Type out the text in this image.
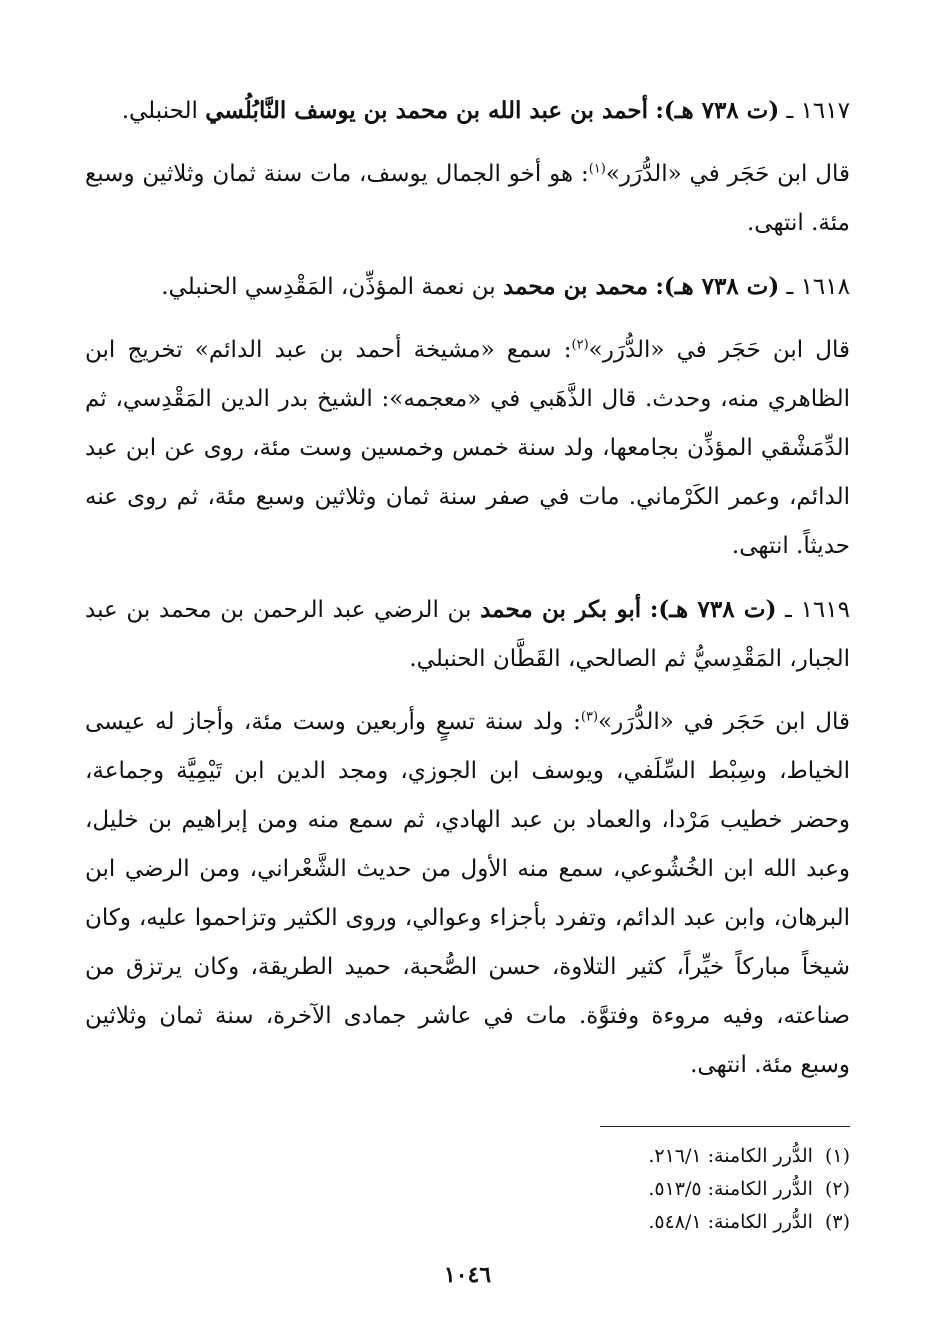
١٦١٧ ـ (ت ٧٣٨ هـ): أحمد بن عبد الله بن محمد بن يوسف النَّابُلُسي الحنبلي.

قال ابن حَجَر في «الدُّرَر»$^{(١)}$: هو أخو الجمال يوسف، مات سنة ثمان وثلاثين وسبع مئة. انتهى.

١٦١٨ ـ (ت ٧٣٨ هـ): محمد بن محمد بن نعمة المؤذِّن، المَقْدِسي الحنبلي.

قال ابن حَجَر في «الدُّرَر»$^{(٢)}$: سمع «مشيخة أحمد بن عبد الدائم» تخريج ابن الظاهري منه، وحدث. قال الذَّهَبي في «معجمه»: الشيخ بدر الدين المَقْدِسي، ثم الدِّمَشْقي المؤذِّن بجامعها، ولد سنة خمس وخمسين وست مئة، روى عن ابن عبد الدائم، وعمر الكَرْماني. مات في صفر سنة ثمان وثلاثين وسبع مئة، ثم روى عنه حديثاً. انتهى.

١٦١٩ ـ (ت ٧٣٨ هـ): أبو بكر بن محمد بن الرضي عبد الرحمن بن محمد بن عبد الجبار، المَقْدِسيُّ ثم الصالحي، القَطَّان الحنبلي.

قال ابن حَجَر في «الدُّرَر»$^{(٣)}$: ولد سنة تسعٍ وأربعين وست مئة، وأجاز له عيسى الخياط، وسِبْط السِّلَفي، ويوسف ابن الجوزي، ومجد الدين ابن تَيْمِيَّة وجماعة، وحضر خطيب مَرْدا، والعماد بن عبد الهادي، ثم سمع منه ومن إبراهيم بن خليل، وعبد الله ابن الخُشُوعي، سمع منه الأول من حديث الشَّعْراني، ومن الرضي ابن البرهان، وابن عبد الدائم، وتفرد بأجزاء وعوالي، وروى الكثير وتزاحموا عليه، وكان شيخاً مباركاً خيِّراً، كثير التلاوة، حسن الصُّحبة، حميد الطريقة، وكان يرتزق من صناعته، وفيه مروءة وفتوَّة. مات في عاشر جمادى الآخرة، سنة ثمان وثلاثين وسبع مئة. انتهى.

(١)الدُّرر الكامنة: ٢١٦/١.

(٢)الدُّرر الكامنة: ٥١٣/٥.

(٣)الدُّرر الكامنة: ٥٤٨/١.

١٠٤٦
